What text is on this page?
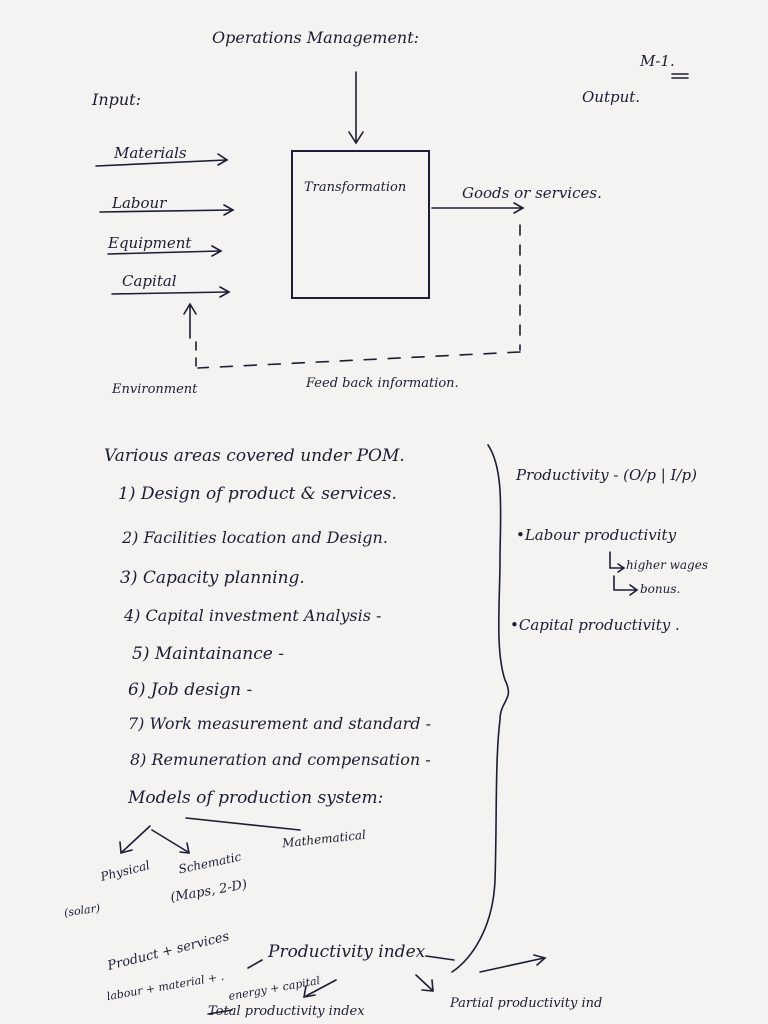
Operations Management:
M-1.
Input:	Output.
Materials
Labour
Equipment
Capital
Transformation	Goods or services.
Environment	Feed back information.
Various areas covered under POM.
1) Design of product & services.
2) Facilities location and Design.
3) Capacity planning.
4) Capital investment Analysis -
5) Maintainance -
6) Job design -
7) Work measurement and standard -
8) Remuneration and compensation -
Productivity - (O/p | I/p)
•Labour productivity
higher wages
bonus.
•Capital productivity .
Models of production system:
Physical
(solar)
Schematic
(Maps, 2-D)
Mathematical
Product + services
labour + material + . energy + capital
Productivity index
Total productivity index
Partial productivity ind
